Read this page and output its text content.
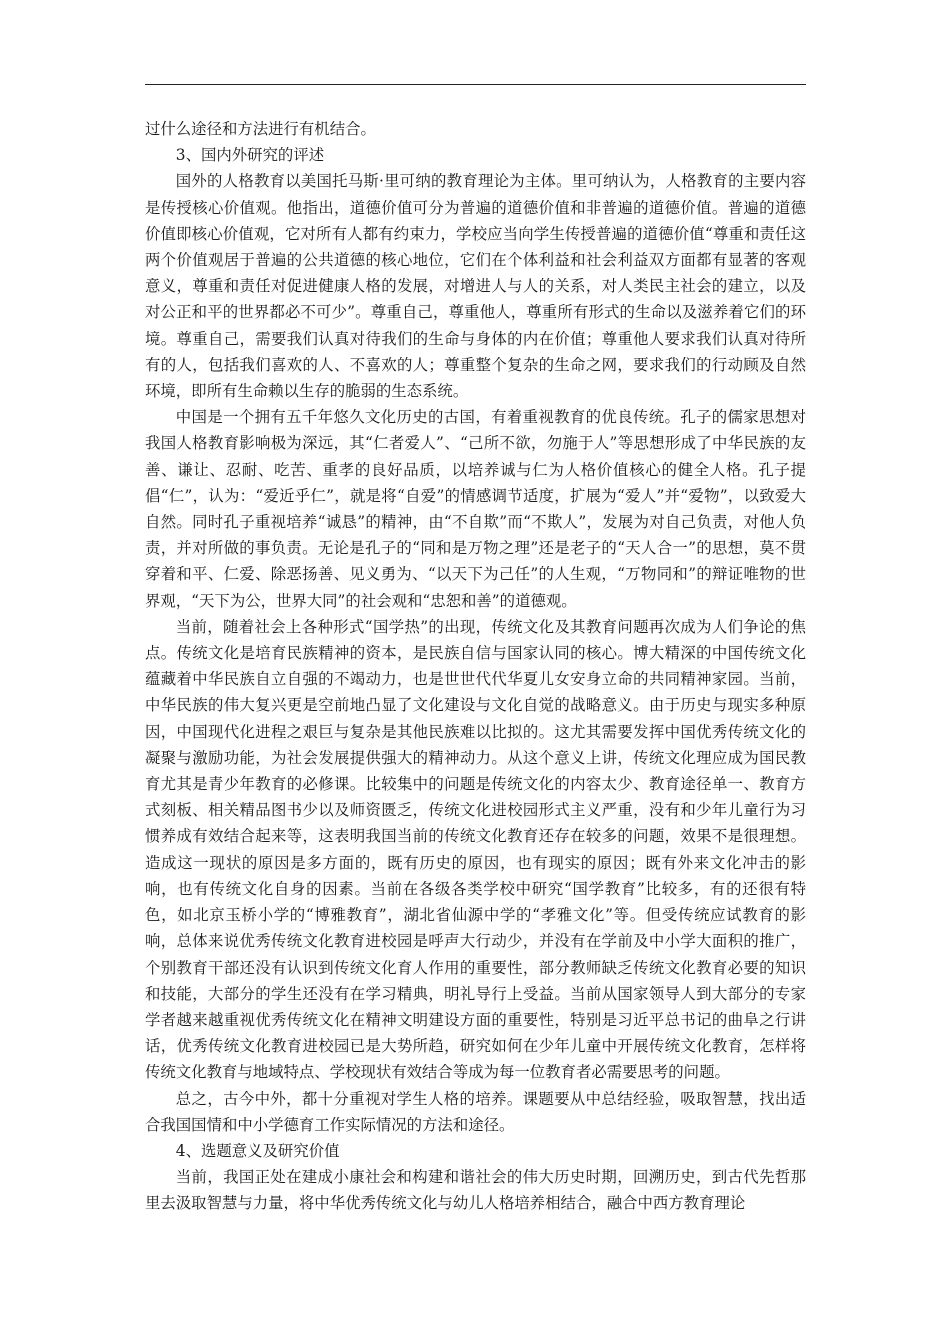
过什么途径和方法进行有机结合。

3、国内外研究的评述

国外的人格教育以美国托马斯·里可纳的教育理论为主体。里可纳认为，人格教育的主要内容是传授核心价值观。他指出，道德价值可分为普遍的道德价值和非普遍的道德价值。普遍的道德价值即核心价值观，它对所有人都有约束力，学校应当向学生传授普遍的道德价值“尊重和责任这两个价值观居于普遍的公共道德的核心地位，它们在个体利益和社会利益双方面都有显著的客观意义，尊重和责任对促进健康人格的发展，对增进人与人的关系，对人类民主社会的建立，以及对公正和平的世界都必不可少”。尊重自己，尊重他人，尊重所有形式的生命以及滋养着它们的环境。尊重自己，需要我们认真对待我们的生命与身体的内在价值；尊重他人要求我们认真对待所有的人，包括我们喜欢的人、不喜欢的人；尊重整个复杂的生命之网，要求我们的行动顾及自然环境，即所有生命赖以生存的脆弱的生态系统。

中国是一个拥有五千年悠久文化历史的古国，有着重视教育的优良传统。孔子的儒家思想对我国人格教育影响极为深远，其“仁者爱人”、“己所不欲，勿施于人”等思想形成了中华民族的友善、谦让、忍耐、吃苦、重孝的良好品质，以培养诚与仁为人格价值核心的健全人格。孔子提倡“仁”，认为：“爱近乎仁”，就是将“自爱”的情感调节适度，扩展为“爱人”并“爱物”，以致爱大自然。同时孔子重视培养“诚恳”的精神，由“不自欺”而“不欺人”，发展为对自己负责，对他人负责，并对所做的事负责。无论是孔子的“同和是万物之理”还是老子的“天人合一”的思想，莫不贯穿着和平、仁爱、除恶扬善、见义勇为、“以天下为己任”的人生观，“万物同和”的辩证唯物的世界观，“天下为公，世界大同”的社会观和“忠恕和善”的道德观。

当前，随着社会上各种形式“国学热”的出现，传统文化及其教育问题再次成为人们争论的焦点。传统文化是培育民族精神的资本，是民族自信与国家认同的核心。博大精深的中国传统文化蕴藏着中华民族自立自强的不竭动力，也是世世代代华夏儿女安身立命的共同精神家园。当前，中华民族的伟大复兴更是空前地凸显了文化建设与文化自觉的战略意义。由于历史与现实多种原因，中国现代化进程之艰巨与复杂是其他民族难以比拟的。这尤其需要发挥中国优秀传统文化的凝聚与激励功能，为社会发展提供强大的精神动力。从这个意义上讲，传统文化理应成为国民教育尤其是青少年教育的必修课。比较集中的问题是传统文化的内容太少、教育途径单一、教育方式刻板、相关精品图书少以及师资匮乏，传统文化进校园形式主义严重，没有和少年儿童行为习惯养成有效结合起来等，这表明我国当前的传统文化教育还存在较多的问题，效果不是很理想。造成这一现状的原因是多方面的，既有历史的原因，也有现实的原因；既有外来文化冲击的影响，也有传统文化自身的因素。当前在各级各类学校中研究“国学教育”比较多，有的还很有特色，如北京玉桥小学的“博雅教育”，湖北省仙源中学的“孝雅文化”等。但受传统应试教育的影响，总体来说优秀传统文化教育进校园是呼声大行动少，并没有在学前及中小学大面积的推广，个别教育干部还没有认识到传统文化育人作用的重要性，部分教师缺乏传统文化教育必要的知识和技能，大部分的学生还没有在学习精典，明礼导行上受益。当前从国家领导人到大部分的专家学者越来越重视优秀传统文化在精神文明建设方面的重要性，特别是习近平总书记的曲阜之行讲话，优秀传统文化教育进校园已是大势所趋，研究如何在少年儿童中开展传统文化教育，怎样将传统文化教育与地域特点、学校现状有效结合等成为每一位教育者必需要思考的问题。

总之，古今中外，都十分重视对学生人格的培养。课题要从中总结经验，吸取智慧，找出适合我国国情和中小学德育工作实际情况的方法和途径。

4、选题意义及研究价值

当前，我国正处在建成小康社会和构建和谐社会的伟大历史时期，回溯历史，到古代先哲那里去汲取智慧与力量，将中华优秀传统文化与幼儿人格培养相结合，融合中西方教育理论
